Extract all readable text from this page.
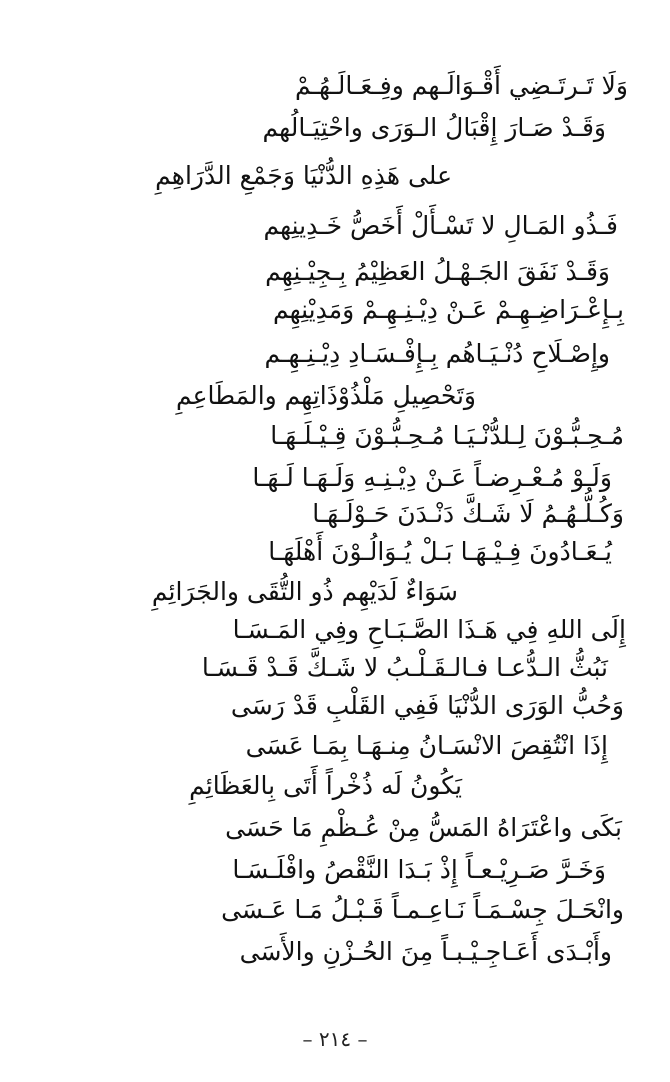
وَلَا تَـرتَـضِي أَقْـوَالَـهم وفِـعَـالَـهُـمْ
وَقَـدْ صَـارَ إِقْبَالُ الـوَرَى واحْتِيَـالُهم
على هَذِهِ الدُّنْيَا وَجَمْعِ الدَّرَاهِمِ
فَـذُو المَـالِ لا تَسْـأَلْ أَخَصُّ خَـدِينِهم
وَقَـدْ نَفَقَ الجَـهْـلُ العَظِيْمُ بِـجِيْـنِهِم
بِـإِعْـرَاضِـهِـمْ عَـنْ دِيْـنِـهِـمْ وَمَدِيْنِهِم
وإِصْـلَاحِ دُنْـيَـاهُم بِـإِفْـسَـادِ دِيْـنِـهِـم
وَتَحْصِيلِ مَلْذُوْذَاتِهِم والمَطَاعِمِ
مُـحِـبُّـوْنَ لِـلدُّنْـيَـا مُـحِـبُّـوْنَ قِـيْـلَـهَـا
وَلَـوْ مُـعْـرِضـاً عَـنْ دِيْـنِـهِ وَلَـهَـا لَـهَـا
وَكُـلُّـهُـمُ لَا شَـكَّ دَنْـدَنَ حَـوْلَـهَـا
يُـعَـادُونَ فِـيْـهَـا بَـلْ يُـوَالُـوْنَ أَهْلَهَـا
سَوَاءٌ لَدَيْهِم ذُو التُّقَى والجَرَائِمِ
إِلَى اللهِ فِي هَـذَا الصَّـبَـاحِ وفِي المَـسَـا
نَبُثُّ الـدُّعـا فـالـقَـلْـبُ لا شَـكَّ قَـدْ قَـسَـا
وَحُبُّ الوَرَى الدُّنْيَا فَفِي القَلْبِ قَدْ رَسَى
إِذَا انْتُقِصَ الانْسَـانُ مِنـهَـا بِمَـا عَسَى
يَكُونُ لَه ذُخْراً أَتَى بِالعَظَائِمِ
بَكَى واعْتَرَاهُ المَسُّ مِنْ عُـظْمِ مَا حَسَى
وَخَـرَّ صَـرِيْـعـاً إِذْ بَـدَا النَّقْصُ وافْلَـسَـا
وانْحَـلَ جِسْـمَـاً نَـاعِـمـاً قَـبْـلُ مَـا عَـسَى
وأَبْـدَى أَعَـاجِـيْـبـاً مِنَ الحُـزْنِ والأَسَى
– ٢١٤ –
